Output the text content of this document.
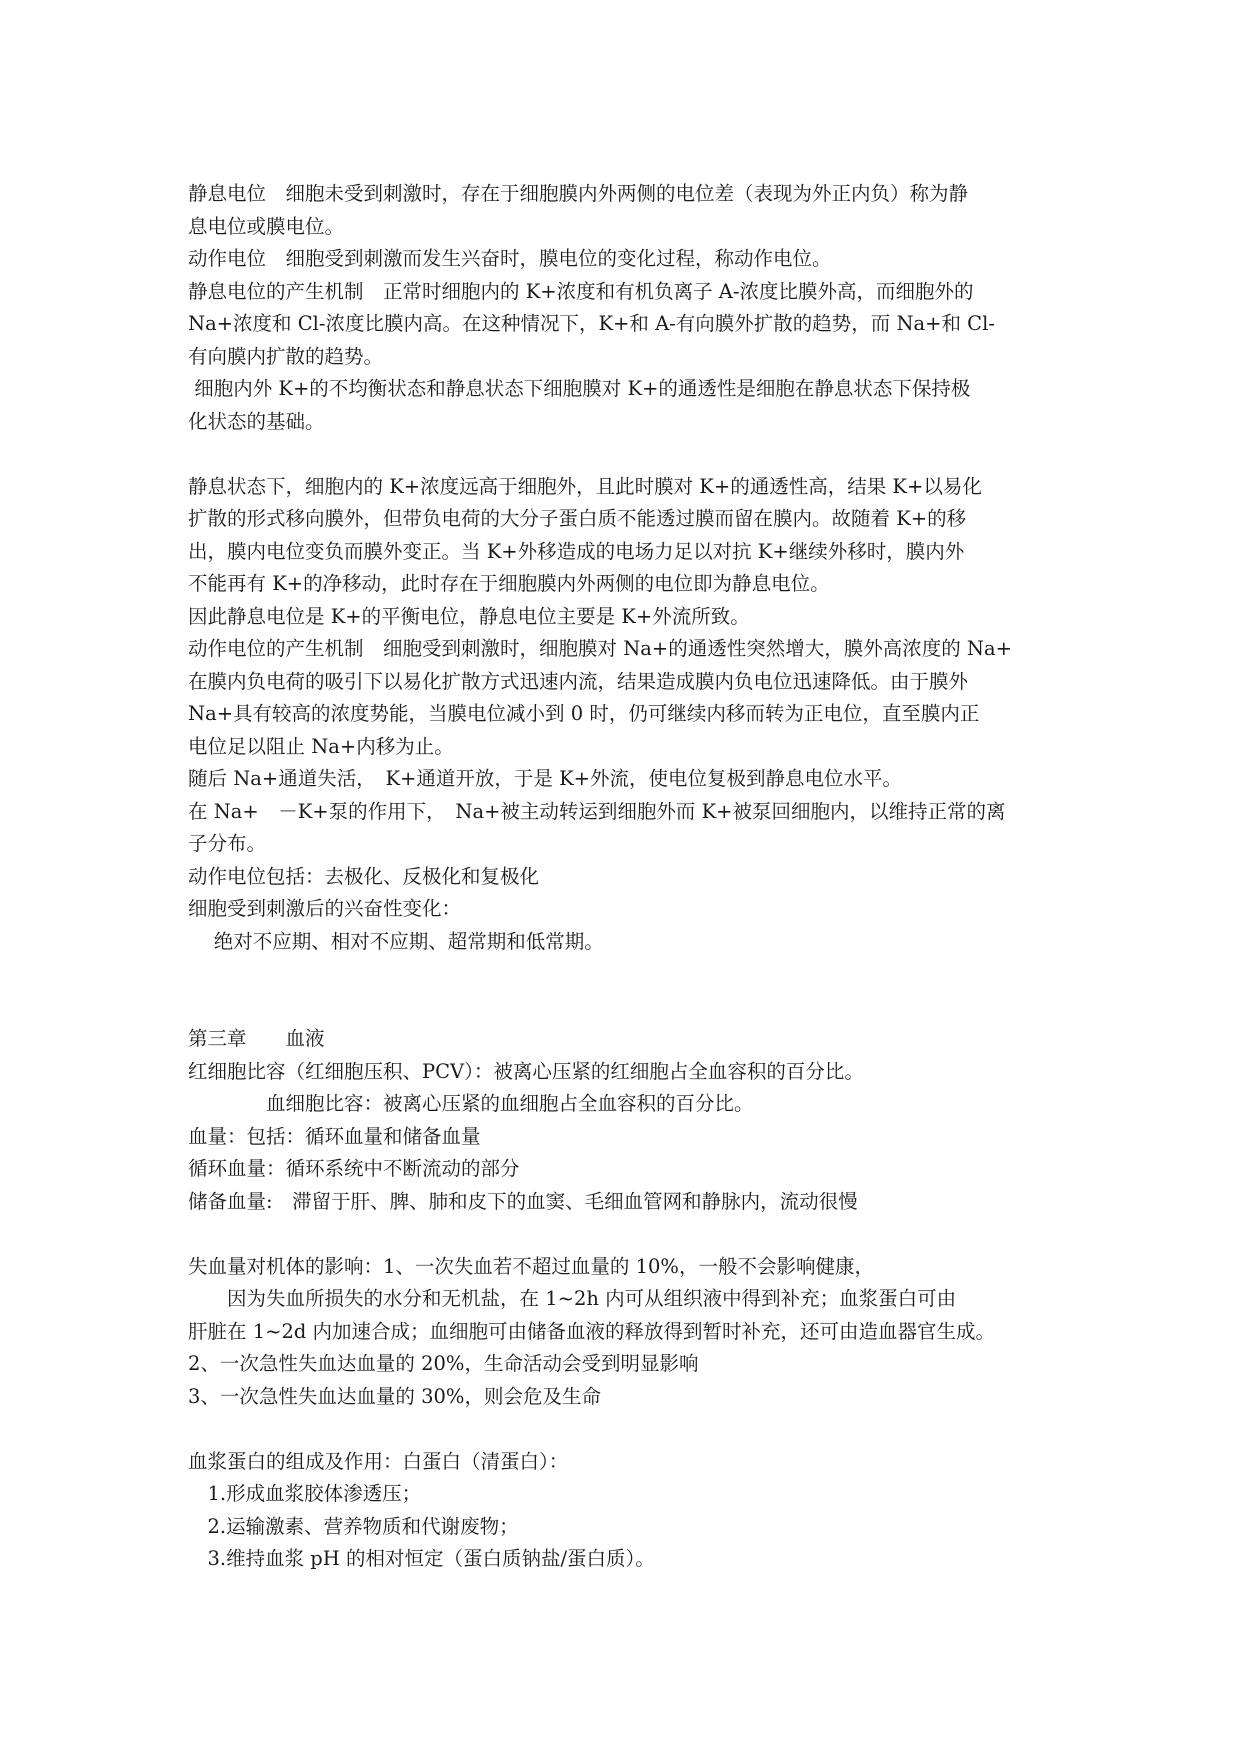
静息电位　细胞未受到刺激时，存在于细胞膜内外两侧的电位差（表现为外正内负）称为静
息电位或膜电位。
动作电位　细胞受到刺激而发生兴奋时，膜电位的变化过程，称动作电位。
静息电位的产生机制　正常时细胞内的 K+浓度和有机负离子 A-浓度比膜外高，而细胞外的
Na+浓度和 Cl-浓度比膜内高。在这种情况下，K+和 A-有向膜外扩散的趋势，而 Na+和 Cl-
有向膜内扩散的趋势。
细胞内外 K+的不均衡状态和静息状态下细胞膜对 K+的通透性是细胞在静息状态下保持极
化状态的基础。
静息状态下，细胞内的 K+浓度远高于细胞外，且此时膜对 K+的通透性高，结果 K+以易化
扩散的形式移向膜外，但带负电荷的大分子蛋白质不能透过膜而留在膜内。故随着 K+的移
出，膜内电位变负而膜外变正。当 K+外移造成的电场力足以对抗 K+继续外移时，膜内外
不能再有 K+的净移动，此时存在于细胞膜内外两侧的电位即为静息电位。
因此静息电位是 K+的平衡电位，静息电位主要是 K+外流所致。
动作电位的产生机制　细胞受到刺激时，细胞膜对 Na+的通透性突然增大，膜外高浓度的 Na+
在膜内负电荷的吸引下以易化扩散方式迅速内流，结果造成膜内负电位迅速降低。由于膜外
Na+具有较高的浓度势能，当膜电位减小到 0 时，仍可继续内移而转为正电位，直至膜内正
电位足以阻止 Na+内移为止。
随后 Na+通道失活，　K+通道开放，于是 K+外流，使电位复极到静息电位水平。
在 Na+　－K+泵的作用下，　Na+被主动转运到细胞外而 K+被泵回细胞内，以维持正常的离
子分布。
动作电位包括：去极化、反极化和复极化
细胞受到刺激后的兴奋性变化：
　 绝对不应期、相对不应期、超常期和低常期。
第三章　　血液
红细胞比容（红细胞压积、PCV）：被离心压紧的红细胞占全血容积的百分比。
　　　　血细胞比容：被离心压紧的血细胞占全血容积的百分比。
血量：包括：循环血量和储备血量
循环血量：循环系统中不断流动的部分
储备血量:　滞留于肝、脾、肺和皮下的血窦、毛细血管网和静脉内，流动很慢
失血量对机体的影响：1、一次失血若不超过血量的 10%，一般不会影响健康，
　　因为失血所损失的水分和无机盐，在 1~2h 内可从组织液中得到补充；血浆蛋白可由
肝脏在 1~2d 内加速合成；血细胞可由储备血液的释放得到暂时补充，还可由造血器官生成。
2、一次急性失血达血量的 20%，生命活动会受到明显影响
3、一次急性失血达血量的 30%，则会危及生命
血浆蛋白的组成及作用：白蛋白（清蛋白）：
　1.形成血浆胶体渗透压；
　2.运输激素、营养物质和代谢废物；
　3.维持血浆 pH 的相对恒定（蛋白质钠盐/蛋白质）。
